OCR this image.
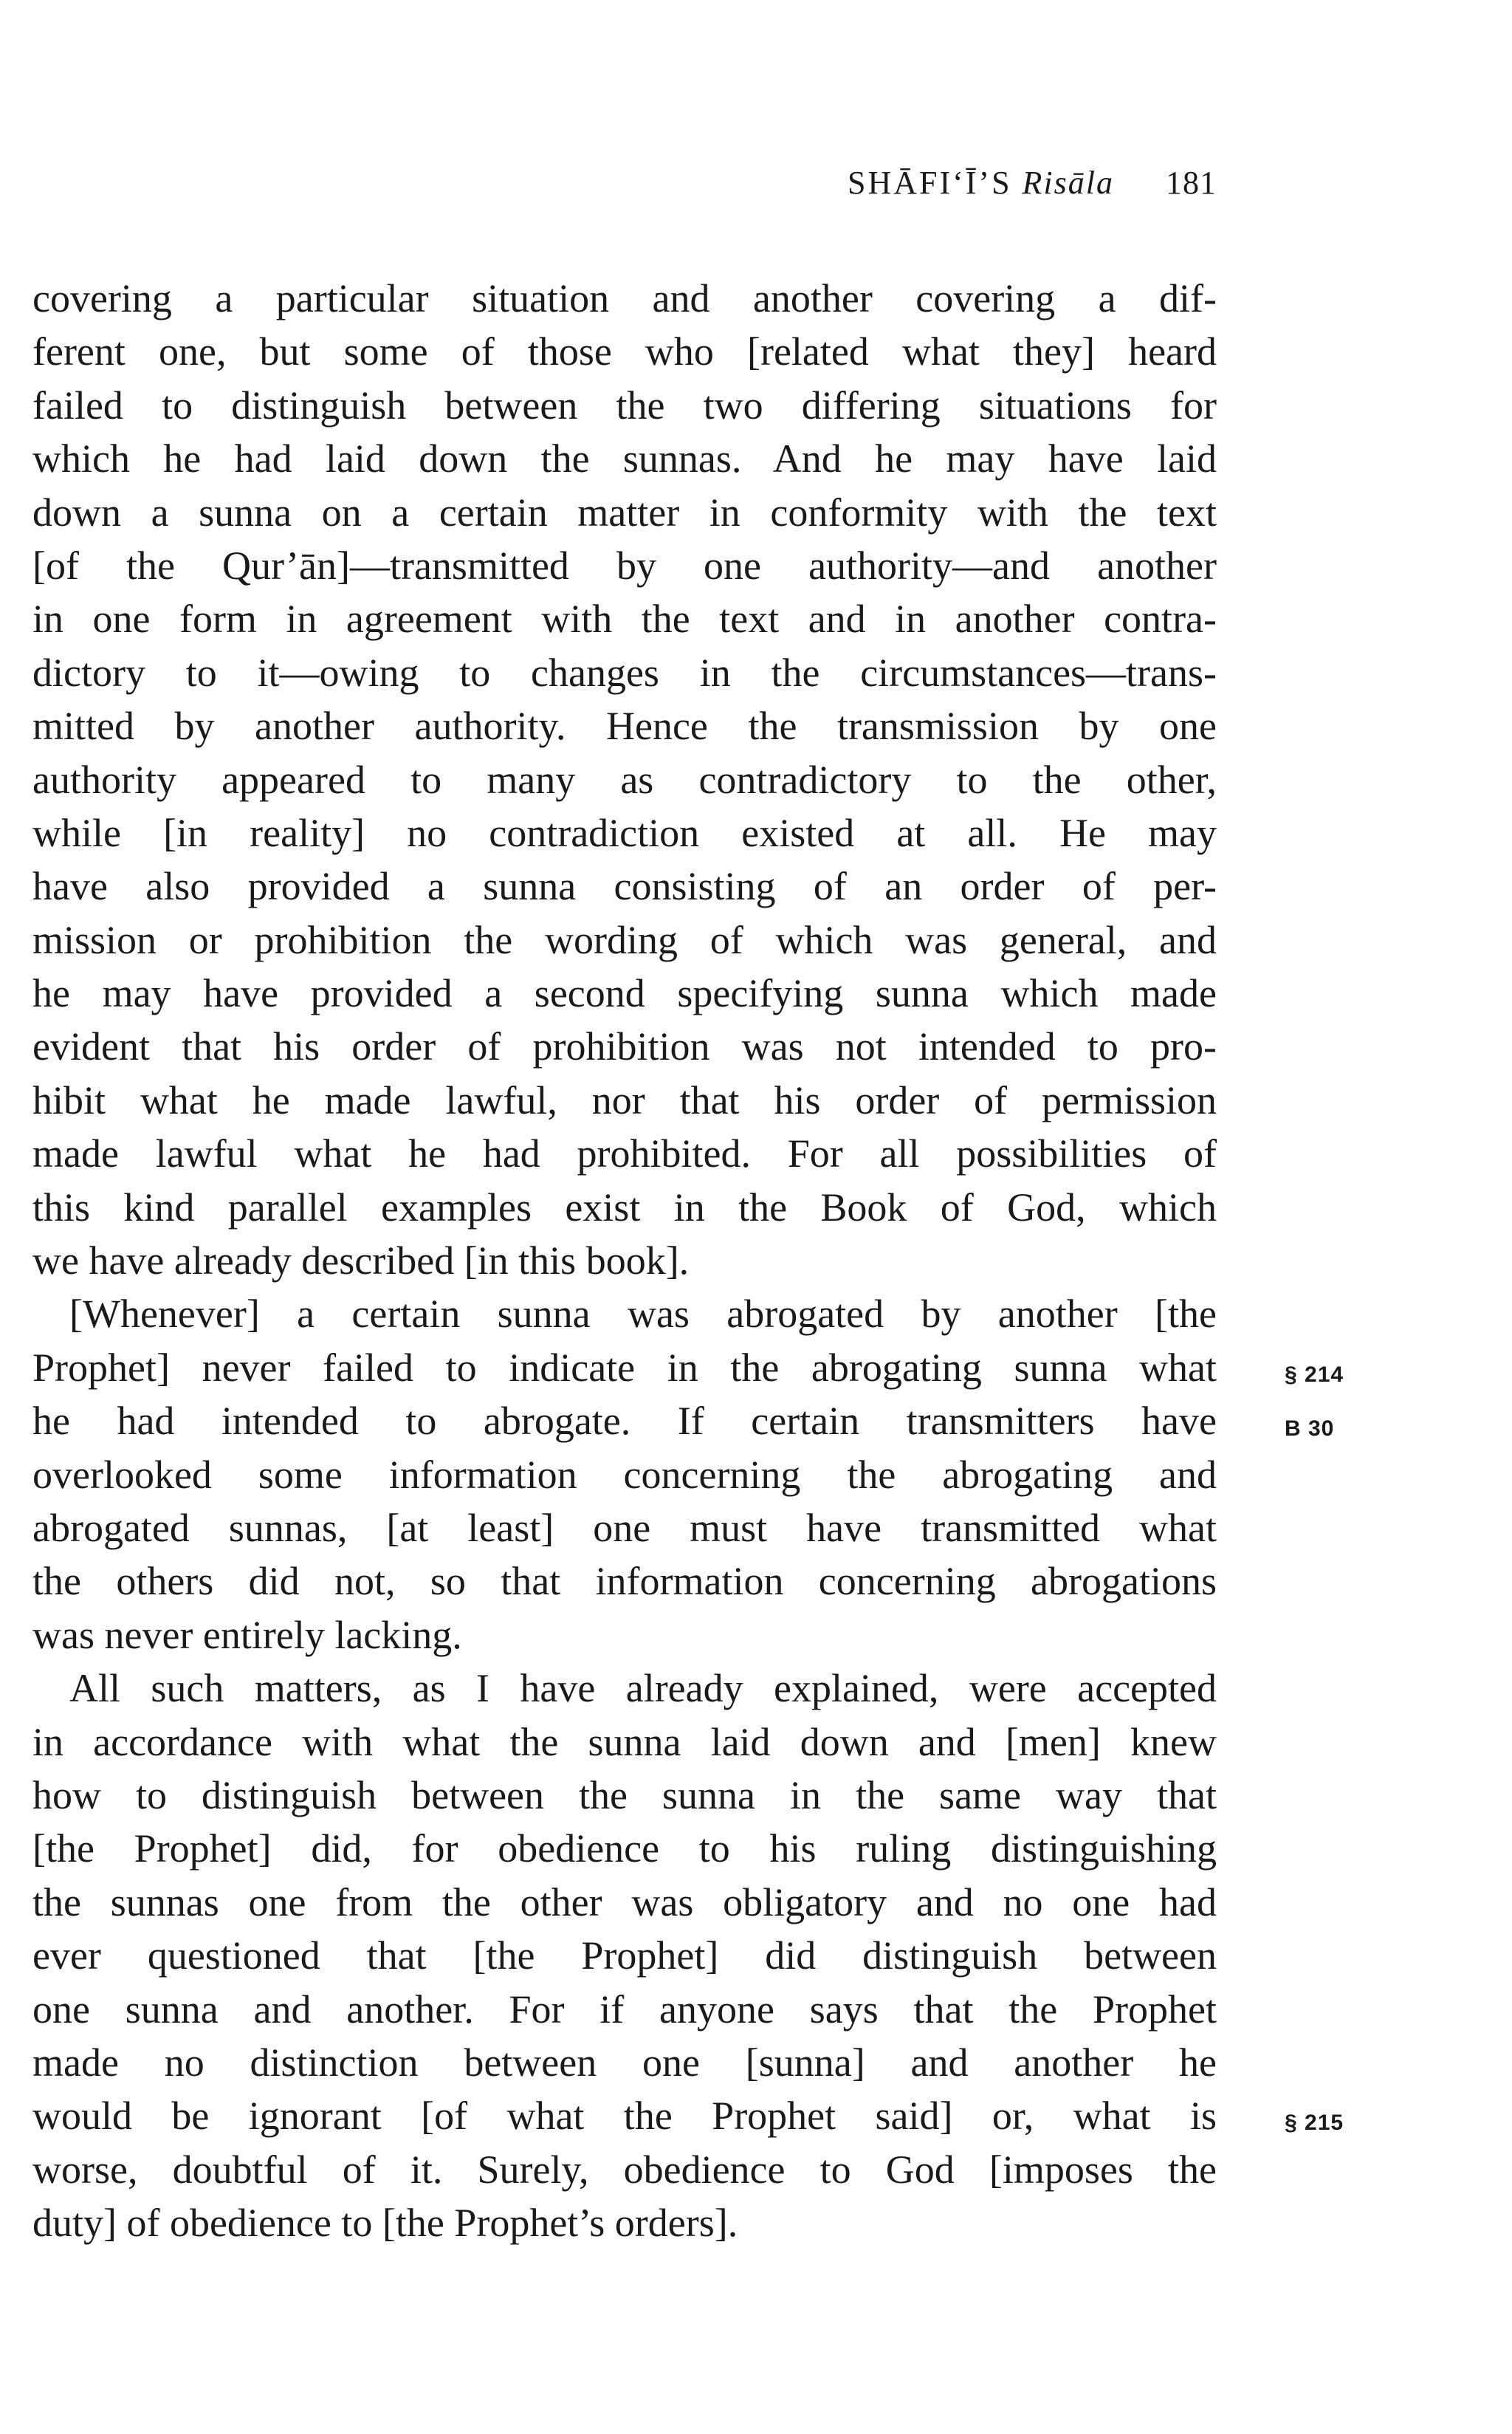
SHĀFI‘Ī’S Risāla 181
covering a particular situation and another covering a dif-
ferent one, but some of those who [related what they] heard
failed to distinguish between the two differing situations for
which he had laid down the sunnas. And he may have laid
down a sunna on a certain matter in conformity with the text
[of the Qur’ān]—transmitted by one authority—and another
in one form in agreement with the text and in another contra-
dictory to it—owing to changes in the circumstances—trans-
mitted by another authority. Hence the transmission by one
authority appeared to many as contradictory to the other,
while [in reality] no contradiction existed at all. He may
have also provided a sunna consisting of an order of per-
mission or prohibition the wording of which was general, and
he may have provided a second specifying sunna which made
evident that his order of prohibition was not intended to pro-
hibit what he made lawful, nor that his order of permission
made lawful what he had prohibited. For all possibilities of
this kind parallel examples exist in the Book of God, which
we have already described [in this book].
[Whenever] a certain sunna was abrogated by another [the
Prophet] never failed to indicate in the abrogating sunna what
he had intended to abrogate. If certain transmitters have
overlooked some information concerning the abrogating and
abrogated sunnas, [at least] one must have transmitted what
the others did not, so that information concerning abrogations
was never entirely lacking.
All such matters, as I have already explained, were accepted
in accordance with what the sunna laid down and [men] knew
how to distinguish between the sunna in the same way that
[the Prophet] did, for obedience to his ruling distinguishing
the sunnas one from the other was obligatory and no one had
ever questioned that [the Prophet] did distinguish between
one sunna and another. For if anyone says that the Prophet
made no distinction between one [sunna] and another he
would be ignorant [of what the Prophet said] or, what is
worse, doubtful of it. Surely, obedience to God [imposes the
duty] of obedience to [the Prophet’s orders].
§ 214
B 30
§ 215
